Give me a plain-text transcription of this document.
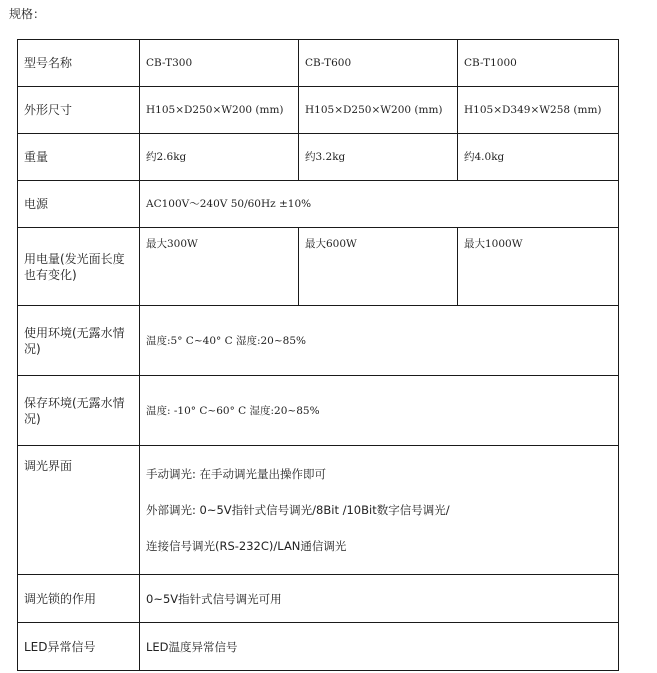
规格：
型号名称	CB-T300	CB-T600	CB-T1000
外形尺寸	H105×D250×W200 (mm)	H105×D250×W200 (mm)	H105×D349×W258 (mm)
重量	约2.6kg	约3.2kg	约4.0kg
电源	AC100V～240V 50/60Hz ±10%		
用电量(发光面长度也有变化)	最大300W	最大600W	最大1000W
使用环境(无露水情况)	温度:5° C~40° C 湿度:20~85%		
保存环境(无露水情况)	温度: -10° C~60° C 湿度:20~85%		
调光界面	手动调光: 在手动调光量出操作即可
外部调光: 0~5V指针式信号调光/8Bit /10Bit数字信号调光/
连接信号调光(RS-232C)/LAN通信调光		

调光锁的作用	0~5V指针式信号调光可用		
LED异常信号	LED温度异常信号		
